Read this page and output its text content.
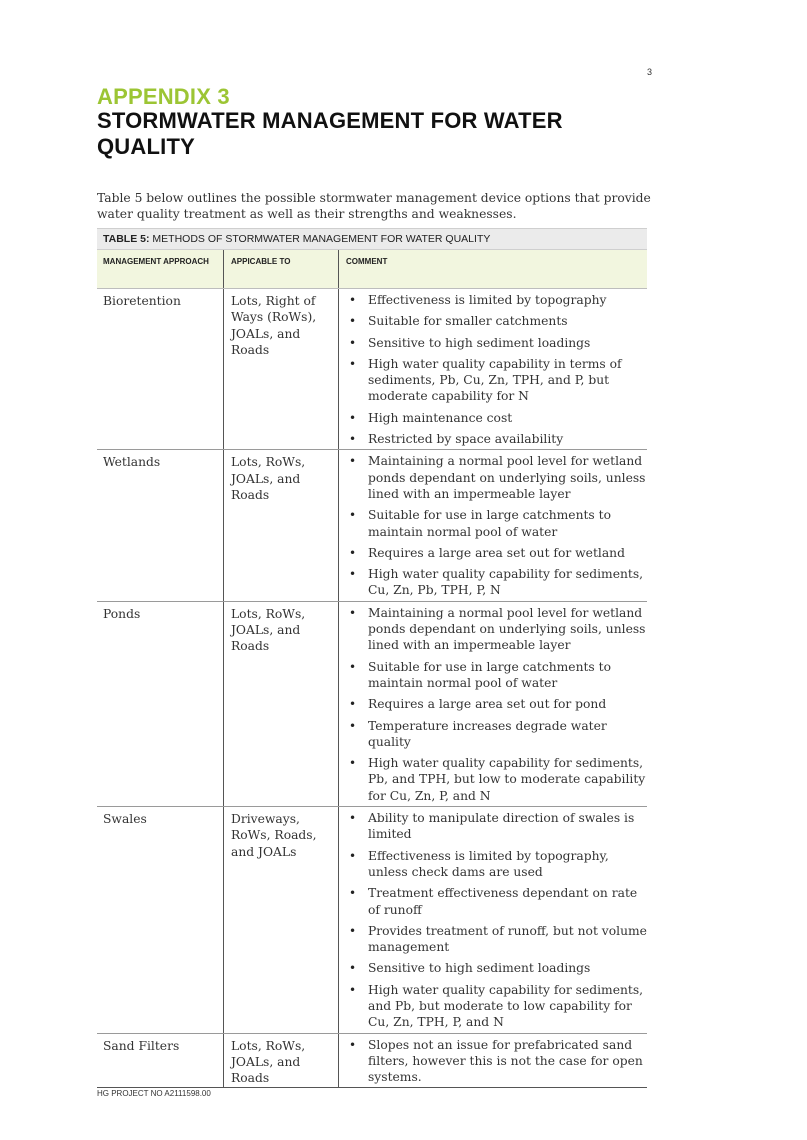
3
APPENDIX 3
STORMWATER MANAGEMENT FOR WATER QUALITY
Table 5 below outlines the possible stormwater management device options that provide water quality treatment as well as their strengths and weaknesses.
TABLE 5: METHODS OF STORMWATER MANAGEMENT FOR WATER QUALITY
MANAGEMENT APPROACH	APPICABLE TO	COMMENT
Bioretention	Lots, Right of Ways (RoWs), JOALs, and Roads
• Effectiveness is limited by topography
• Suitable for smaller catchments
• Sensitive to high sediment loadings
• High water quality capability in terms of sediments, Pb, Cu, Zn, TPH, and P, but moderate capability for N
• High maintenance cost
• Restricted by space availability
Wetlands	Lots, RoWs, JOALs, and Roads
• Maintaining a normal pool level for wetland ponds dependant on underlying soils, unless lined with an impermeable layer
• Suitable for use in large catchments to maintain normal pool of water
• Requires a large area set out for wetland
• High water quality capability for sediments, Cu, Zn, Pb, TPH, P, N
Ponds	Lots, RoWs, JOALs, and Roads
• Maintaining a normal pool level for wetland ponds dependant on underlying soils, unless lined with an impermeable layer
• Suitable for use in large catchments to maintain normal pool of water
• Requires a large area set out for pond
• Temperature increases degrade water quality
• High water quality capability for sediments, Pb, and TPH, but low to moderate capability for Cu, Zn, P, and N
Swales	Driveways, RoWs, Roads, and JOALs
• Ability to manipulate direction of swales is limited
• Effectiveness is limited by topography, unless check dams are used
• Treatment effectiveness dependant on rate of runoff
• Provides treatment of runoff, but not volume management
• Sensitive to high sediment loadings
• High water quality capability for sediments, and Pb, but moderate to low capability for Cu, Zn, TPH, P, and N
Sand Filters	Lots, RoWs, JOALs, and Roads
• Slopes not an issue for prefabricated sand filters, however this is not the case for open systems.
HG PROJECT NO A2111598.00
